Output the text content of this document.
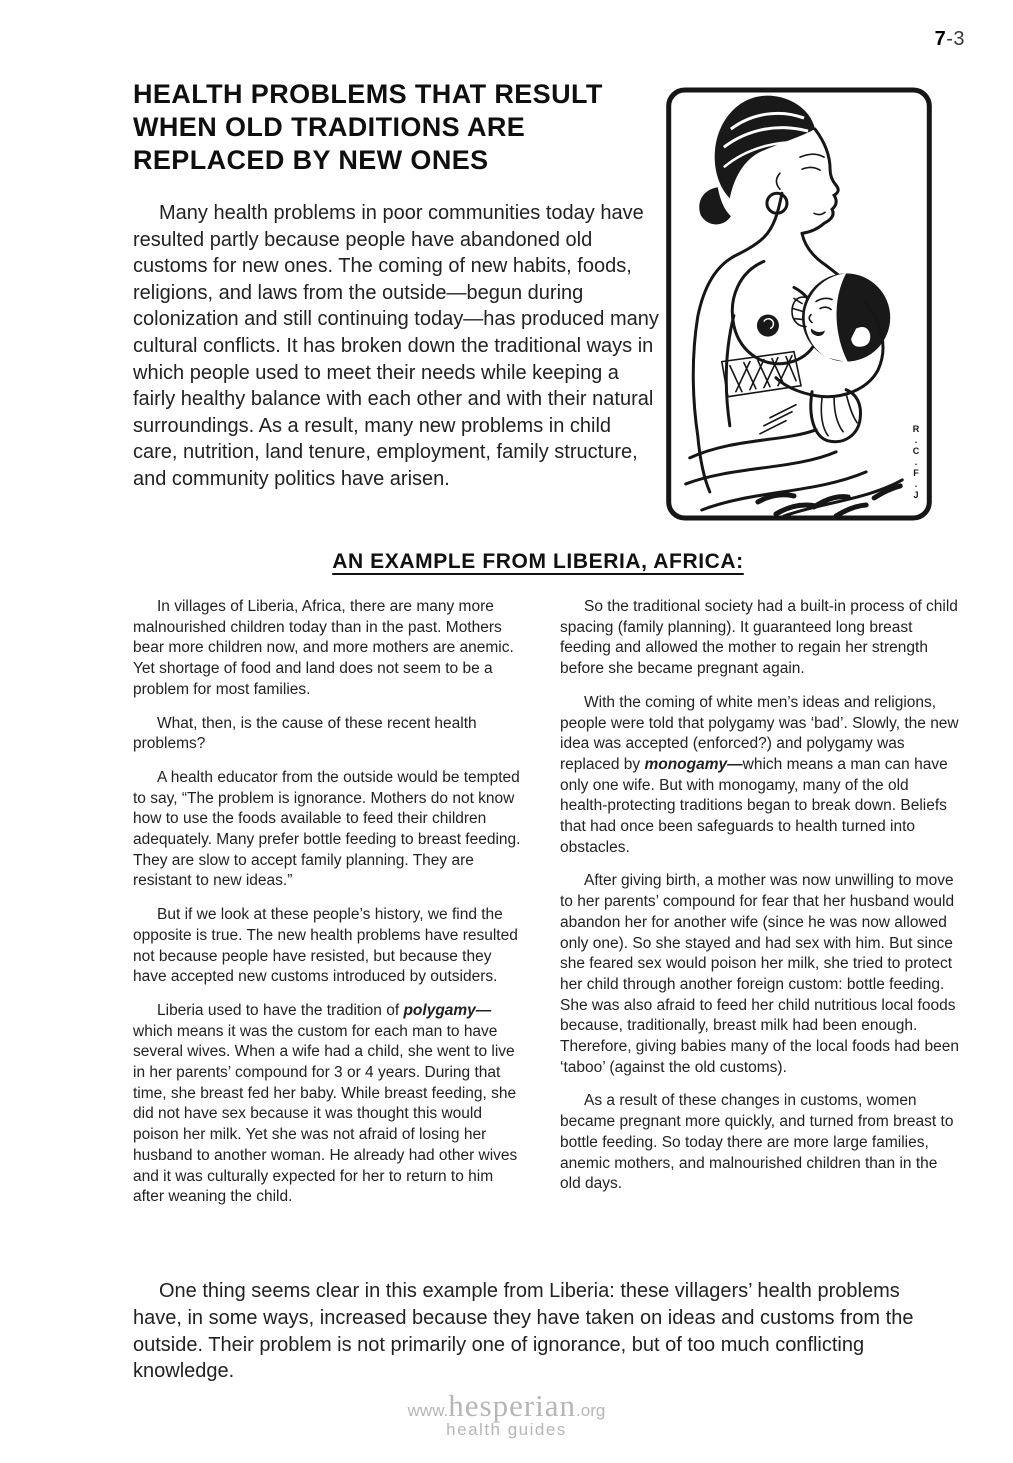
7-3
HEALTH PROBLEMS THAT RESULT
WHEN OLD TRADITIONS ARE
REPLACED BY NEW ONES

Many health problems in poor communities today have resulted partly because people have abandoned old customs for new ones. The coming of new habits, foods, religions, and laws from the outside—begun during colonization and still continuing today—has produced many cultural conflicts. It has broken down the traditional ways in which people used to meet their needs while keeping a fairly healthy balance with each other and with their natural surroundings. As a result, many new problems in child care, nutrition, land tenure, employment, family structure, and community politics have arisen.	R.C.F.J
AN EXAMPLE FROM LIBERIA, AFRICA:

In villages of Liberia, Africa, there are many more malnourished children today than in the past. Mothers bear more children now, and more mothers are anemic. Yet shortage of food and land does not seem to be a problem for most families.

What, then, is the cause of these recent health problems?

A health educator from the outside would be tempted to say, “The problem is ignorance. Mothers do not know how to use the foods available to feed their children adequately. Many prefer bottle feeding to breast feeding. They are slow to accept family planning. They are resistant to new ideas.”

But if we look at these people’s history, we find the opposite is true. The new health problems have resulted not because people have resisted, but because they have accepted new customs introduced by outsiders.

Liberia used to have the tradition of polygamy—which means it was the custom for each man to have several wives. When a wife had a child, she went to live in her parents’ compound for 3 or 4 years. During that time, she breast fed her baby. While breast feeding, she did not have sex because it was thought this would poison her milk. Yet she was not afraid of losing her husband to another woman. He already had other wives and it was culturally expected for her to return to him after weaning the child.

So the traditional society had a built-in process of child spacing (family planning). It guaranteed long breast feeding and allowed the mother to regain her strength before she became pregnant again.

With the coming of white men’s ideas and religions, people were told that polygamy was ‘bad’. Slowly, the new idea was accepted (enforced?) and polygamy was replaced by monogamy—which means a man can have only one wife. But with monogamy, many of the old health-protecting traditions began to break down. Beliefs that had once been safeguards to health turned into obstacles.

After giving birth, a mother was now unwilling to move to her parents’ compound for fear that her husband would abandon her for another wife (since he was now allowed only one). So she stayed and had sex with him. But since she feared sex would poison her milk, she tried to protect her child through another foreign custom: bottle feeding. She was also afraid to feed her child nutritious local foods because, traditionally, breast milk had been enough. Therefore, giving babies many of the local foods had been ‘taboo’ (against the old customs).

As a result of these changes in customs, women became pregnant more quickly, and turned from breast to bottle feeding. So today there are more large families, anemic mothers, and malnourished children than in the old days.

One thing seems clear in this example from Liberia: these villagers’ health problems have, in some ways, increased because they have taken on ideas and customs from the outside. Their problem is not primarily one of ignorance, but of too much conflicting knowledge.

www.hesperian.org
health guides
